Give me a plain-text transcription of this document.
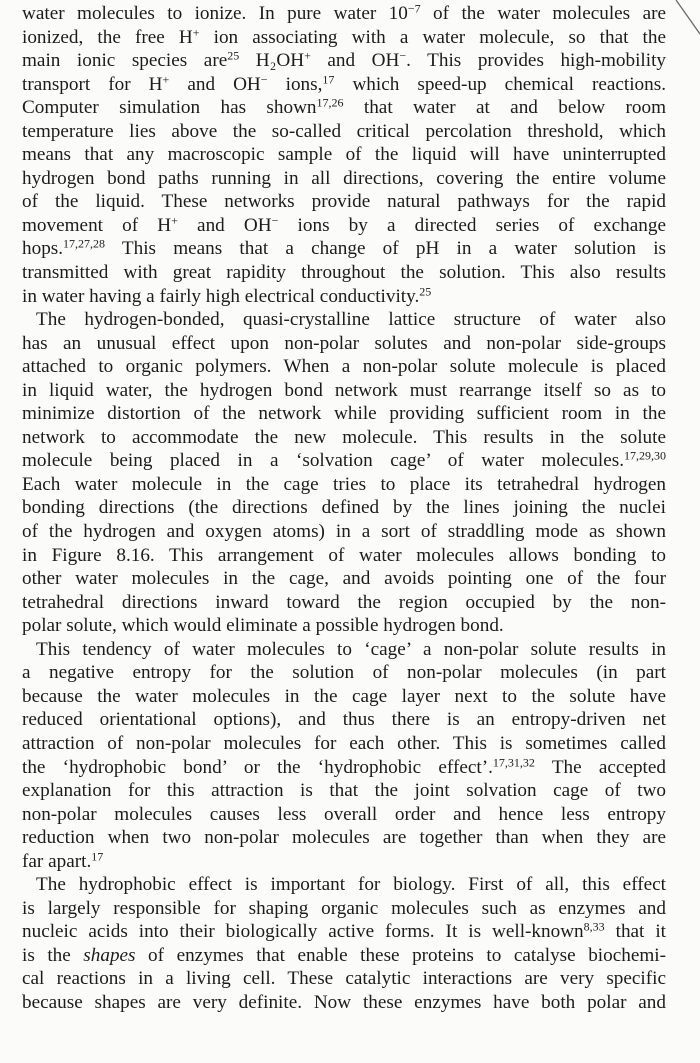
water molecules to ionize. In pure water $10^{-7}$ of the water molecules are
ionized, the free H+ ion associating with a water molecule, so that the
main ionic species are$^{25}$ H₂OH+ and OH−. This provides high-mobility
transport for H+ and OH− ions,$^{17}$ which speed-up chemical reactions.
Computer simulation has shown$^{17,26}$ that water at and below room
temperature lies above the so-called critical percolation threshold, which
means that any macroscopic sample of the liquid will have uninterrupted
hydrogen bond paths running in all directions, covering the entire volume
of the liquid. These networks provide natural pathways for the rapid
movement of H+ and OH− ions by a directed series of exchange
hops.$^{17,27,28}$ This means that a change of pH in a water solution is
transmitted with great rapidity throughout the solution. This also results
in water having a fairly high electrical conductivity.$^{25}$
The hydrogen-bonded, quasi-crystalline lattice structure of water also
has an unusual effect upon non-polar solutes and non-polar side-groups
attached to organic polymers. When a non-polar solute molecule is placed
in liquid water, the hydrogen bond network must rearrange itself so as to
minimize distortion of the network while providing sufficient room in the
network to accommodate the new molecule. This results in the solute
molecule being placed in a ‘solvation cage’ of water molecules.$^{17,29,30}$
Each water molecule in the cage tries to place its tetrahedral hydrogen
bonding directions (the directions defined by the lines joining the nuclei
of the hydrogen and oxygen atoms) in a sort of straddling mode as shown
in Figure 8.16. This arrangement of water molecules allows bonding to
other water molecules in the cage, and avoids pointing one of the four
tetrahedral directions inward toward the region occupied by the non-
polar solute, which would eliminate a possible hydrogen bond.
This tendency of water molecules to ‘cage’ a non-polar solute results in
a negative entropy for the solution of non-polar molecules (in part
because the water molecules in the cage layer next to the solute have
reduced orientational options), and thus there is an entropy-driven net
attraction of non-polar molecules for each other. This is sometimes called
the ‘hydrophobic bond’ or the ‘hydrophobic effect’.$^{17,31,32}$ The accepted
explanation for this attraction is that the joint solvation cage of two
non-polar molecules causes less overall order and hence less entropy
reduction when two non-polar molecules are together than when they are
far apart.$^{17}$
The hydrophobic effect is important for biology. First of all, this effect
is largely responsible for shaping organic molecules such as enzymes and
nucleic acids into their biologically active forms. It is well-known$^{8,33}$ that it
is the shapes of enzymes that enable these proteins to catalyse biochemi-
cal reactions in a living cell. These catalytic interactions are very specific
because shapes are very definite. Now these enzymes have both polar and
